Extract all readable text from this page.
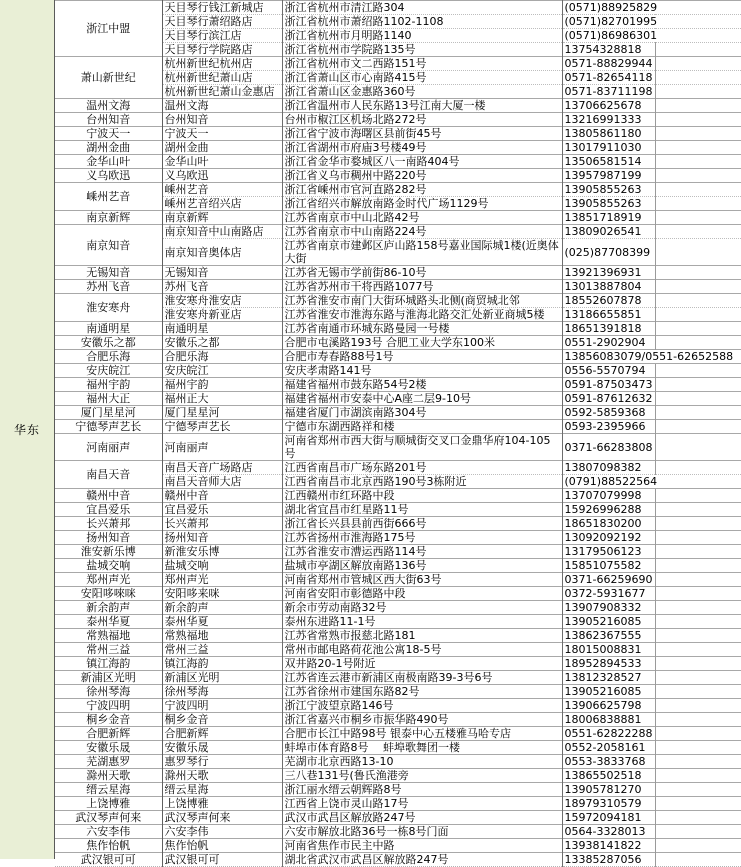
华东
浙江中盟	天目琴行钱江新城店	浙江省杭州市清江路304	(0571)88925829	
	天目琴行萧绍路店	浙江省杭州市萧绍路1102-1108	(0571)82701995	
	天目琴行滨江店	浙江省杭州市月明路1140	(0571)86986301	
	天目琴行学院路店	浙江省杭州市学院路135号	13754328818	
萧山新世纪	杭州新世纪杭州店	浙江省杭州市文二西路151号	0571-88829944	
	杭州新世纪萧山店	浙江省萧山区市心南路415号	0571-82654118	
	杭州新世纪萧山金惠店	浙江省萧山区金惠路360号	0571-83711198	
温州文海	温州文海	浙江省温州市人民东路13号江南大厦一楼	13706625678	
台州知音	台州知音	台州市椒江区机场北路272号	13216991333	
宁波天一	宁波天一	浙江省宁波市海曙区县前街45号	13805861180	
湖州金曲	湖州金曲	浙江省湖州市府庙3号楼49号	13017911030	
金华山叶	金华山叶	浙江省金华市婺城区八一南路404号	13506581514	
义乌欧迅	义乌欧迅	浙江省义乌市稠州中路220号	13957987199	
嵊州艺音	嵊州艺音	浙江省嵊州市官河直路282号	13905855263	
	嵊州艺音绍兴店	浙江省绍兴市解放南路金时代广场1129号	13905855263	
南京新辉	南京新辉	江苏省南京市中山北路42号	13851718919	
南京知音	南京知音中山南路店	江苏省南京市中山南路224号	13809026541	
	南京知音奥体店	江苏省南京市建邺区庐山路158号嘉业国际城1楼(近奥体大街	(025)87708399	
无锡知音	无锡知音	江苏省无锡市学前街86-10号	13921396931	
苏州飞音	苏州飞音	江苏省苏州市干将西路1077号	13013887804	
淮安寒舟	淮安寒舟淮安店	江苏省淮安市南门大街环城路头北侧(商贸城北邻	18552607878	
	淮安寒舟新亚店	江苏省淮安市淮海东路与淮海北路交汇处新亚商城5楼	13186655851	
南通明星	南通明星	江苏省南通市环城东路曼园一号楼	18651391818	
安徽乐之都	安徽乐之都	合肥市屯溪路193号 合肥工业大学东100米	0551-2902904	
合肥乐海	合肥乐海	合肥市寿春路88号1号	13856083079/0551-62652588	
安庆皖江	安庆皖江	安庆孝肃路141号	0556-5570794	
福州宇韵	福州宇韵	福建省福州市鼓东路54号2楼	0591-87503473	
福州大正	福州正大	福建省福州市安泰中心A座二层9-10号	0591-87612632	
厦门星星河	厦门星星河	福建省厦门市湖滨南路304号	0592-5859368	
宁德琴声艺长	宁德琴声艺长	宁德市东湖西路祥和楼	0593-2395966	
河南丽声	河南丽声	河南省郑州市西大街与顺城街交叉口金鼎华府104-105号	0371-66283808	
南昌天音	南昌天音广场路店	江西省南昌市广场东路201号	13807098382	
	南昌天音师大店	江西省南昌市北京西路190号3栋附近	(0791)88522564	
赣州中音	赣州中音	江西赣州市红环路中段	13707079998	
宜昌爱乐	宜昌爱乐	湖北省宜昌市红星路11号	15926996288	
长兴萧邦	长兴萧邦	浙江省长兴县县前西街666号	18651830200	
扬州知音	扬州知音	江苏省扬州市淮海路175号	13092092192	
淮安新乐博	新淮安乐博	江苏省淮安市漕运西路114号	13179506123	
盐城交响	盐城交响	盐城市亭湖区解放南路136号	15851075582	
郑州声光	郑州声光	河南省郑州市管城区西大街63号	0371-66259690	
安阳哆唻咪	安阳哆来咪	河南省安阳市彰德路中段	0372-5931677	
新余韵声	新余韵声	新余市劳动南路32号	13907908332	
泰州华夏	泰州华夏	泰州东进路11-1号	13905216085	
常熟福地	常熟福地	江苏省常熟市报慈北路181	13862367555	
常州三益	常州三益	常州市邮电路荷花池公寓18-5号	18015008831	
镇江海韵	镇江海韵	双井路20-1号附近	18952894533	
新浦区光明	新浦区光明	江苏省连云港市新浦区南极南路39-3号6号	13812328527	
徐州琴海	徐州琴海	江苏省徐州市建国东路82号	13905216085	
宁波四明	宁波四明	浙江宁波望京路146号	13906625798	
桐乡金音	桐乡金音	浙江省嘉兴市桐乡市振华路490号	18006838881	
合肥新辉	合肥新辉	合肥市长江中路98号 银泰中心五楼雅马哈专店	0551-62822288	
安徽乐晟	安徽乐晟	蚌埠市体育路8号　 蚌埠歌舞团一楼	0552-2058161	
芜湖惠罗	惠罗琴行	芜湖市北京西路13-10	0553-3833768	
滁州天歌	滁州天歌	三八巷131号(鲁氏渔港旁	13865502518	
缙云星海	缙云星海	浙江丽水缙云朝辉路8号	13905781270	
上饶博雅	上饶博雅	江西省上饶市灵山路17号	18979310579	
武汉琴声何来	武汉琴声何来	武汉市武昌区解放路247号	15972094181	
六安李伟	六安李伟	六安市解放北路36号一栋8号门面	0564-3328013	
焦作怡帆	焦作怡帆	河南省焦作市民主中路	13938141822	
武汉银可可	武汉银可可	湖北省武汉市武昌区解放路247号	13385287056	
